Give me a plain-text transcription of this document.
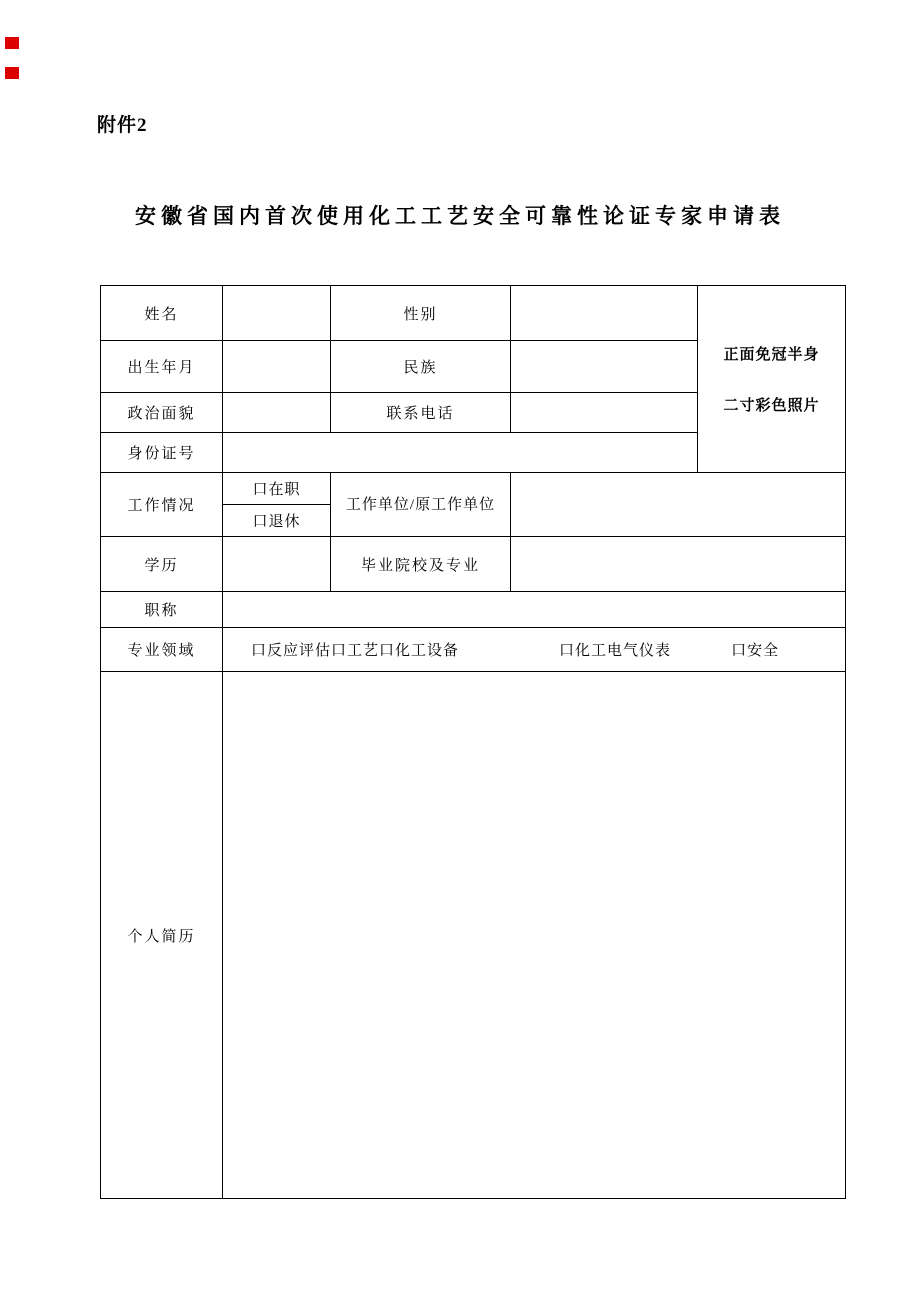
附件2
安徽省国内首次使用化工工艺安全可靠性论证专家申请表
姓名		性别		正面免冠半身
二寸彩色照片

出生年月		民族		
政治面貌		联系电话		
身份证号				
工作情况	口在职	工作单位/原工作单位		
	口退休			
学历		毕业院校及专业		
职称				
专业领域	口反应评估口工艺口化工设备 口化工电气仪表 口安全			
个人简历				
